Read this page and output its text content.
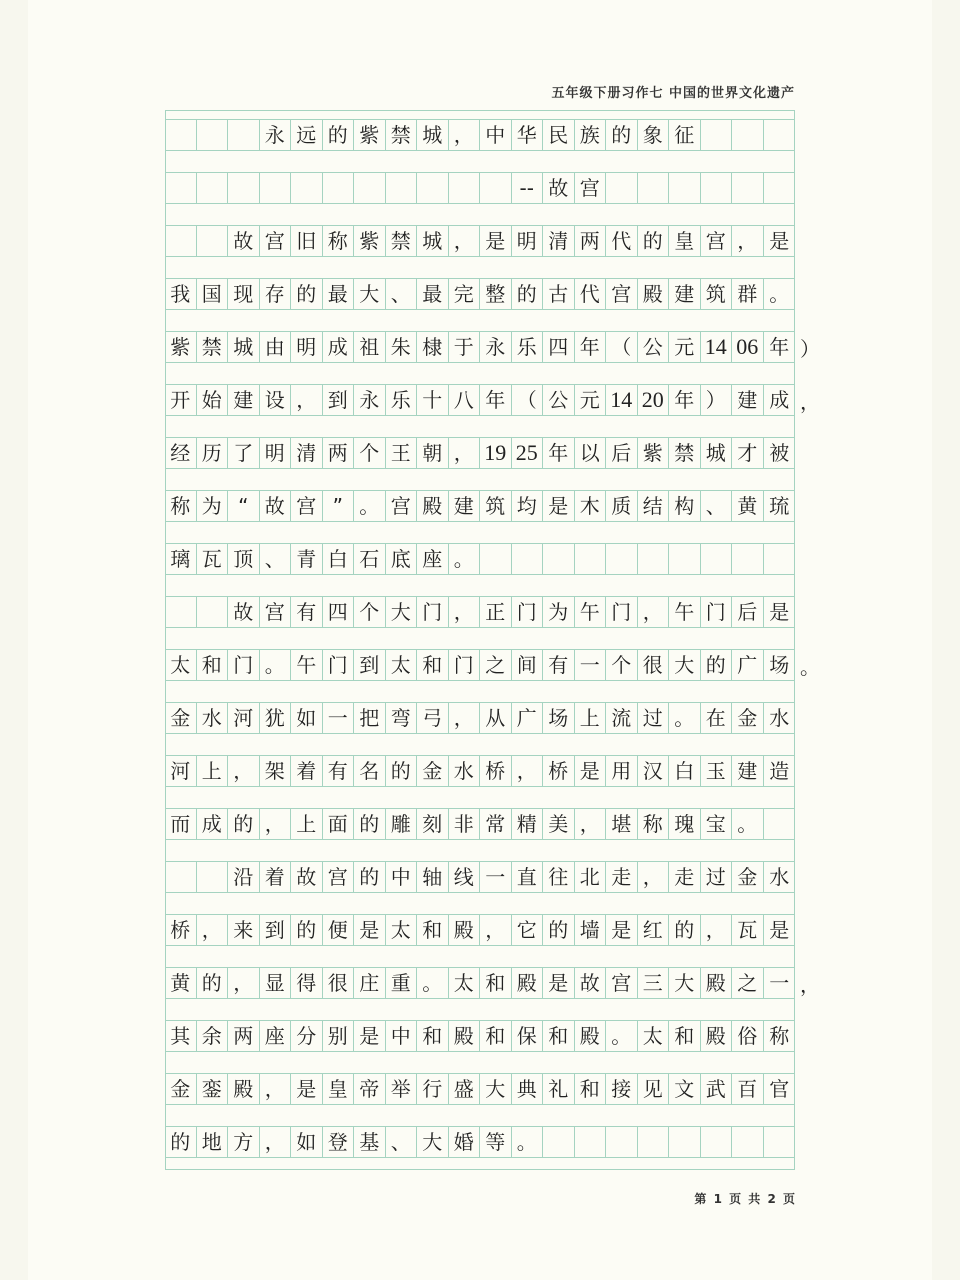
五年级下册习作七 中国的世界文化遗产
永 远 的 紫 禁 城 ， 中 华 民 族 的 象 征
-- 故 宫
故 宫 旧 称 紫 禁 城 ， 是 明 清 两 代 的 皇 宫 ， 是
我 国 现 存 的 最 大 、 最 完 整 的 古 代 宫 殿 建 筑 群 。
紫 禁 城 由 明 成 祖 朱 棣 于 永 乐 四 年 （ 公 元 14 06 年 ）
开 始 建 设 ， 到 永 乐 十 八 年 （ 公 元 14 20 年 ） 建 成 ，
经 历 了 明 清 两 个 王 朝 ， 19 25 年 以 后 紫 禁 城 才 被
称 为 “ 故 宫 ” 。 宫 殿 建 筑 均 是 木 质 结 构 、 黄 琉
璃 瓦 顶 、 青 白 石 底 座 。
故 宫 有 四 个 大 门 ， 正 门 为 午 门 ， 午 门 后 是
太 和 门 。 午 门 到 太 和 门 之 间 有 一 个 很 大 的 广 场 。
金 水 河 犹 如 一 把 弯 弓 ， 从 广 场 上 流 过 。 在 金 水
河 上 ， 架 着 有 名 的 金 水 桥 ， 桥 是 用 汉 白 玉 建 造
而 成 的 ， 上 面 的 雕 刻 非 常 精 美 ， 堪 称 瑰 宝 。
沿 着 故 宫 的 中 轴 线 一 直 往 北 走 ， 走 过 金 水
桥 ， 来 到 的 便 是 太 和 殿 ， 它 的 墙 是 红 的 ， 瓦 是
黄 的 ， 显 得 很 庄 重 。 太 和 殿 是 故 宫 三 大 殿 之 一 ，
其 余 两 座 分 别 是 中 和 殿 和 保 和 殿 。 太 和 殿 俗 称
金 銮 殿 ， 是 皇 帝 举 行 盛 大 典 礼 和 接 见 文 武 百 官
的 地 方 ， 如 登 基 、 大 婚 等 。
第 1 页 共 2 页
